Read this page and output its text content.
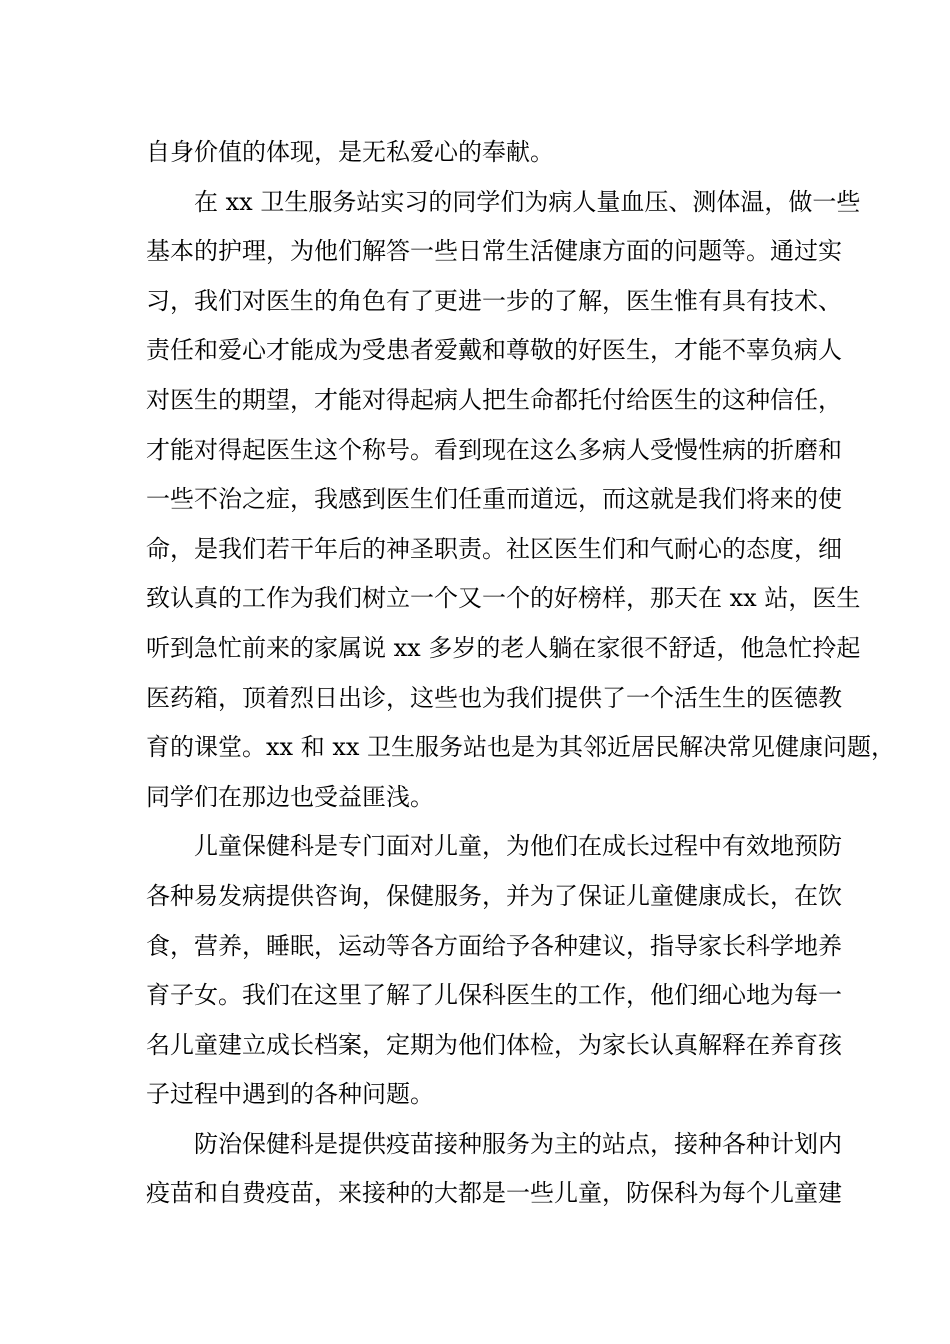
自身价值的体现，是无私爱心的奉献。
在 xx 卫生服务站实习的同学们为病人量血压、测体温，做一些
基本的护理，为他们解答一些日常生活健康方面的问题等。通过实
习，我们对医生的角色有了更进一步的了解，医生惟有具有技术、
责任和爱心才能成为受患者爱戴和尊敬的好医生，才能不辜负病人
对医生的期望，才能对得起病人把生命都托付给医生的这种信任，
才能对得起医生这个称号。看到现在这么多病人受慢性病的折磨和
一些不治之症，我感到医生们任重而道远，而这就是我们将来的使
命，是我们若干年后的神圣职责。社区医生们和气耐心的态度，细
致认真的工作为我们树立一个又一个的好榜样，那天在 xx 站，医生
听到急忙前来的家属说 xx 多岁的老人躺在家很不舒适，他急忙拎起
医药箱，顶着烈日出诊，这些也为我们提供了一个活生生的医德教
育的课堂。xx 和 xx 卫生服务站也是为其邻近居民解决常见健康问题，
同学们在那边也受益匪浅。
儿童保健科是专门面对儿童，为他们在成长过程中有效地预防
各种易发病提供咨询，保健服务，并为了保证儿童健康成长，在饮
食，营养，睡眠，运动等各方面给予各种建议，指导家长科学地养
育子女。我们在这里了解了儿保科医生的工作，他们细心地为每一
名儿童建立成长档案，定期为他们体检，为家长认真解释在养育孩
子过程中遇到的各种问题。
防治保健科是提供疫苗接种服务为主的站点，接种各种计划内
疫苗和自费疫苗，来接种的大都是一些儿童，防保科为每个儿童建
